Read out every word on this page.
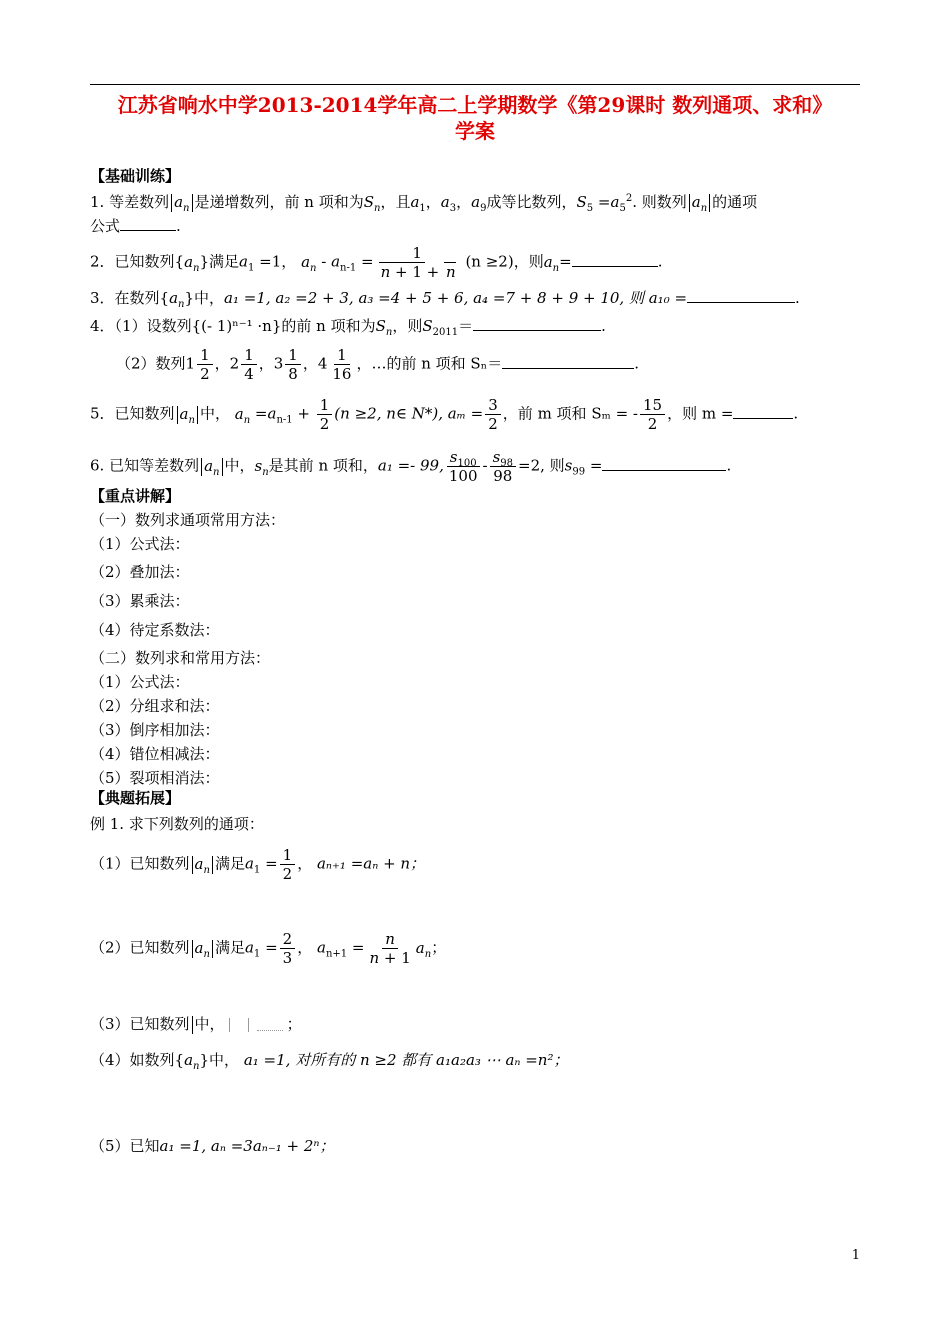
江苏省响水中学2013-2014学年高二上学期数学《第29课时 数列通项、求和》
学案
【基础训练】
1. 等差数列 $a_n$ 是递增数列，前 n 项和为$S_n$，且$a_1$，$a_3$，$a_9$成等比数列，$S_5 =a_5^2$. 则数列 $a_n$ 的通项
公式	.
2．已知数列$\{a_n\}$满足$a_1 =1$， $a_n - a_{n-1} = \frac{1}{n + 1 + n} (n \ge 2)$，则$a_n=$	.
3．在数列$\{a_n\}$中，a₁ =1, a₂ =2 + 3, a₃ =4 + 5 + 6, a₄ =7 + 8 + 9 + 10, 则 a₁₀ =	.
4．（1）设数列{(- 1)ⁿ⁻¹ ·n}的前 n 项和为$S_n$，则$S_{2011}=$	.
（2）数列$1 \frac{1}{2}$ ，$2 \frac{1}{4}$ ，$3 \frac{1}{8}$ ，$4 \frac{1}{16}$ ，…的前 n 项和 Sₙ＝	.
5．已知数列 $a_n$ 中， $a_n =a_{n-1} + \frac{1}{2} (n \ge 2$, n∈ N*), $a_m = \frac{3}{2}$ ，前 m 项和 Sₘ = - $\frac{15}{2}$ ，则 m =	.
6. 已知等差数列 $a_n$ 中，$s_n$是其前 n 项和，a₁ =- 99, $\frac{s_{100}}{100} - \frac{s_{98}}{98} =2$, 则$s_{99}$ =	.
【重点讲解】
（一）数列求通项常用方法：
（1）公式法：
（2）叠加法：
（3）累乘法：
（4）待定系数法：
（二）数列求和常用方法：
（1）公式法：
（2）分组求和法：
（3）倒序相加法：
（4）错位相减法：
（5）裂项相消法：
【典题拓展】
例 1. 求下列数列的通项：
（1）已知数列 $a_n$ 满足$a_1 = \frac{1}{2}$ ， aₙ₊₁ =aₙ + n；
（2）已知数列 $a_n$ 满足$a_1 = \frac{2}{3}$ ， $a_{n+1} = \frac{n}{n + 1} a_n$；
（3）已知数列 中，	；
（4）如数列$\{a_n\}$中， a₁ =1, 对所有的 n ≥2 都有 a₁a₂a₃ ⋯ aₙ =n²；
（5）已知a₁ =1, aₙ =3aₙ₋₁ + 2ⁿ；
1
